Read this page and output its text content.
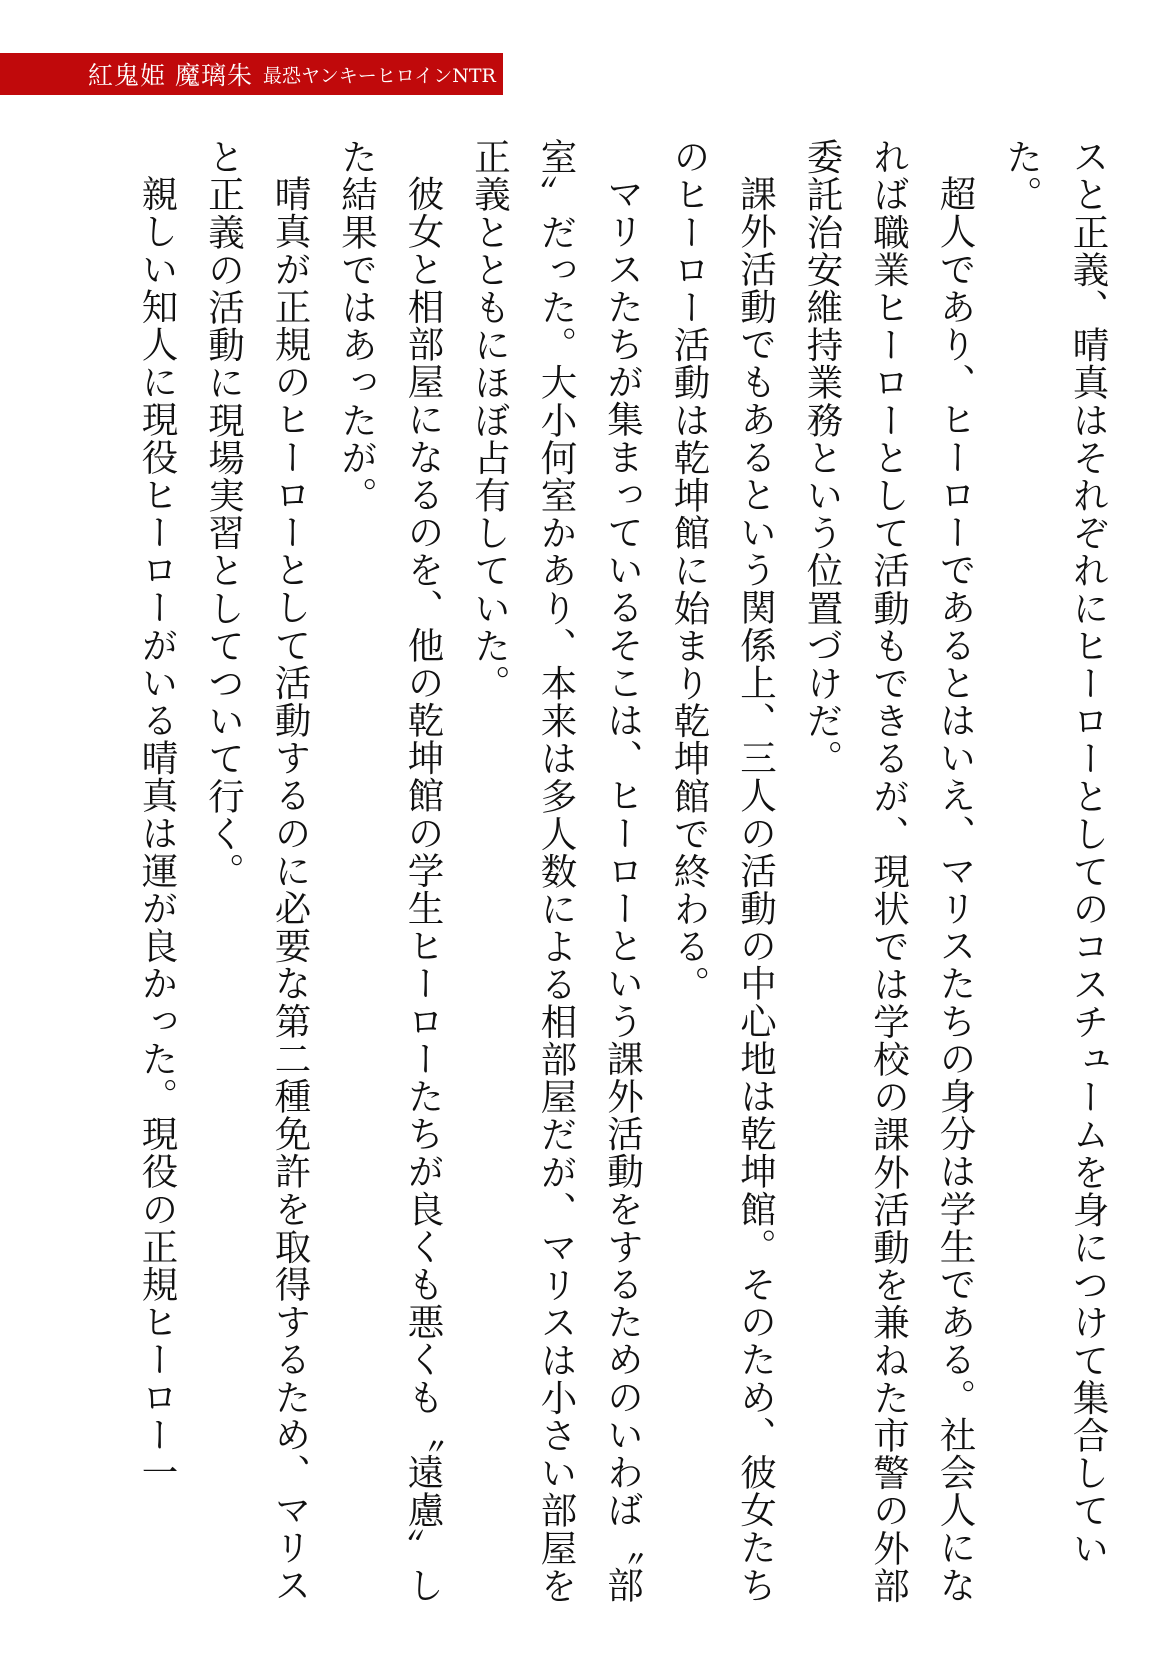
紅鬼姫 魔璃朱 最恐ヤンキーヒロインNTR

スと正義、晴真はそれぞれにヒーローとしてのコスチュームを身につけて集合していた。

超人であり、ヒーローであるとはいえ、マリスたちの身分は学生である。社会人になれば職業ヒーローとして活動もできるが、現状では学校の課外活動を兼ねた市警の外部委託治安維持業務という位置づけだ。

課外活動でもあるという関係上、三人の活動の中心地は乾坤館。そのため、彼女たちのヒーロー活動は乾坤館に始まり乾坤館で終わる。

マリスたちが集まっているそこは、ヒーローという課外活動をするためのいわば〝部室〟だった。大小何室かあり、本来は多人数による相部屋だが、マリスは小さい部屋を正義とともにほぼ占有していた。

彼女と相部屋になるのを、他の乾坤館の学生ヒーローたちが良くも悪くも〝遠慮〟した結果ではあったが。

晴真が正規のヒーローとして活動するのに必要な第二種免許を取得するため、マリスと正義の活動に現場実習としてついて行く。

親しい知人に現役ヒーローがいる晴真は運が良かった。現役の正規ヒーロー一
